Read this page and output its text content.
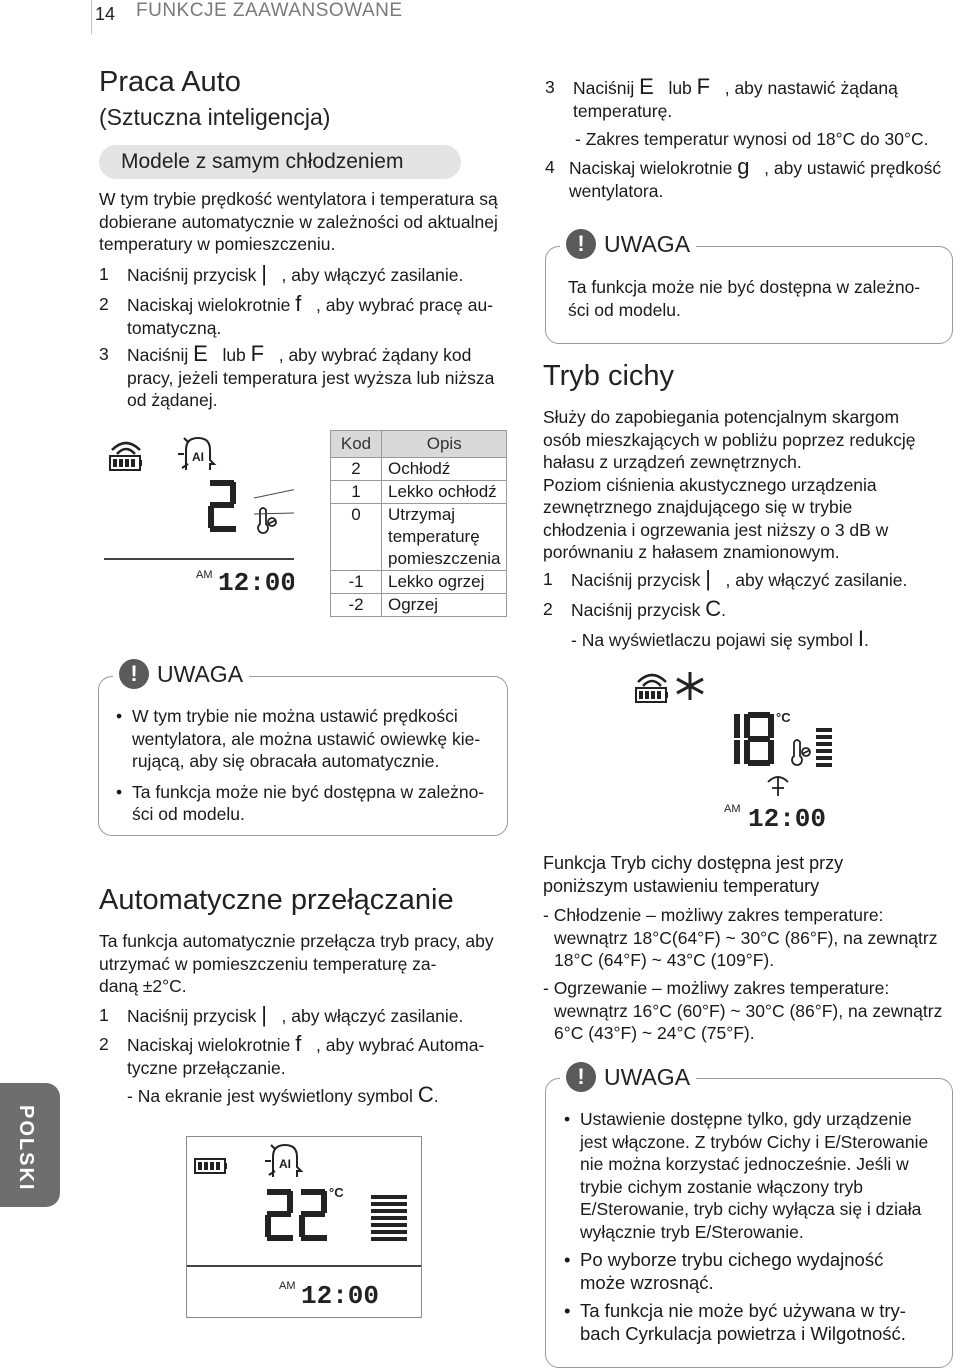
14 FUNKCJE ZAAWANSOWANE
Praca Auto
(Sztuczna inteligencja)
Modele z samym chłodzeniem
W tym trybie prędkość wentylatora i temperatura są
dobierane automatycznie w zależności od aktualnej
temperatury w pomieszczeniu.
1 Naciśnij przycisk | , aby włączyć zasilanie.
2 Naciskaj wielokrotnie f , aby wybrać pracę au-
tomatyczną.
3 Naciśnij E lub F , aby wybrać żądany kod
pracy, jeżeli temperatura jest wyższa lub niższa
od żądanej.
AI
AM 12:00
Kod	Opis
2	Ochłodź
1	Lekko ochłodź
0	Utrzymaj
temperaturę
pomieszczenia

-1	Lekko ogrzej
-2	Ogrzej
! UWAGA
• W tym trybie nie można ustawić prędkości
wentylatora, ale można ustawić owiewkę kie-
rującą, aby się obracała automatycznie.
• Ta funkcja może nie być dostępna w zależno-
ści od modelu.
Automatyczne przełączanie
Ta funkcja automatycznie przełącza tryb pracy, aby
utrzymać w pomieszczeniu temperaturę za-
daną ±2°C.
1 Naciśnij przycisk | , aby włączyć zasilanie.
2 Naciskaj wielokrotnie f , aby wybrać Automa-
tyczne przełączanie.
- Na ekranie jest wyświetlony symbol C.
AI
°C
AM 12:00
POLSKI
3 Naciśnij E lub F , aby nastawić żądaną
temperaturę.
- Zakres temperatur wynosi od 18°C do 30°C.
4 Naciskaj wielokrotnie g , aby ustawić prędkość
wentylatora.
! UWAGA
Ta funkcja może nie być dostępna w zależno-
ści od modelu.
Tryb cichy
Służy do zapobiegania potencjalnym skargom
osób mieszkających w pobliżu poprzez redukcję
hałasu z urządzeń zewnętrznych.
Poziom ciśnienia akustycznego urządzenia
zewnętrznego znajdującego się w trybie
chłodzenia i ogrzewania jest niższy o 3 dB w
porównaniu z hałasem znamionowym.
1 Naciśnij przycisk | , aby włączyć zasilanie.
2 Naciśnij przycisk C.
- Na wyświetlaczu pojawi się symbol I.
°C
AM 12:00
Funkcja Tryb cichy dostępna jest przy
poniższym ustawieniu temperatury
- Chłodzenie – możliwy zakres temperature:
wewnątrz 18°C(64°F) ~ 30°C (86°F), na zewnątrz
18°C (64°F) ~ 43°C (109°F).
- Ogrzewanie – możliwy zakres temperature:
wewnątrz 16°C (60°F) ~ 30°C (86°F), na zewnątrz
6°C (43°F) ~ 24°C (75°F).
! UWAGA
• Ustawienie dostępne tylko, gdy urządzenie
jest włączone. Z trybów Cichy i E/Sterowanie
nie można korzystać jednocześnie. Jeśli w
trybie cichym zostanie włączony tryb
E/Sterowanie, tryb cichy wyłącza się i działa
wyłącznie tryb E/Sterowanie.
• Po wyborze trybu cichego wydajność
może wzrosnąć.
• Ta funkcja nie może być używana w try-
bach Cyrkulacja powietrza i Wilgotność.
